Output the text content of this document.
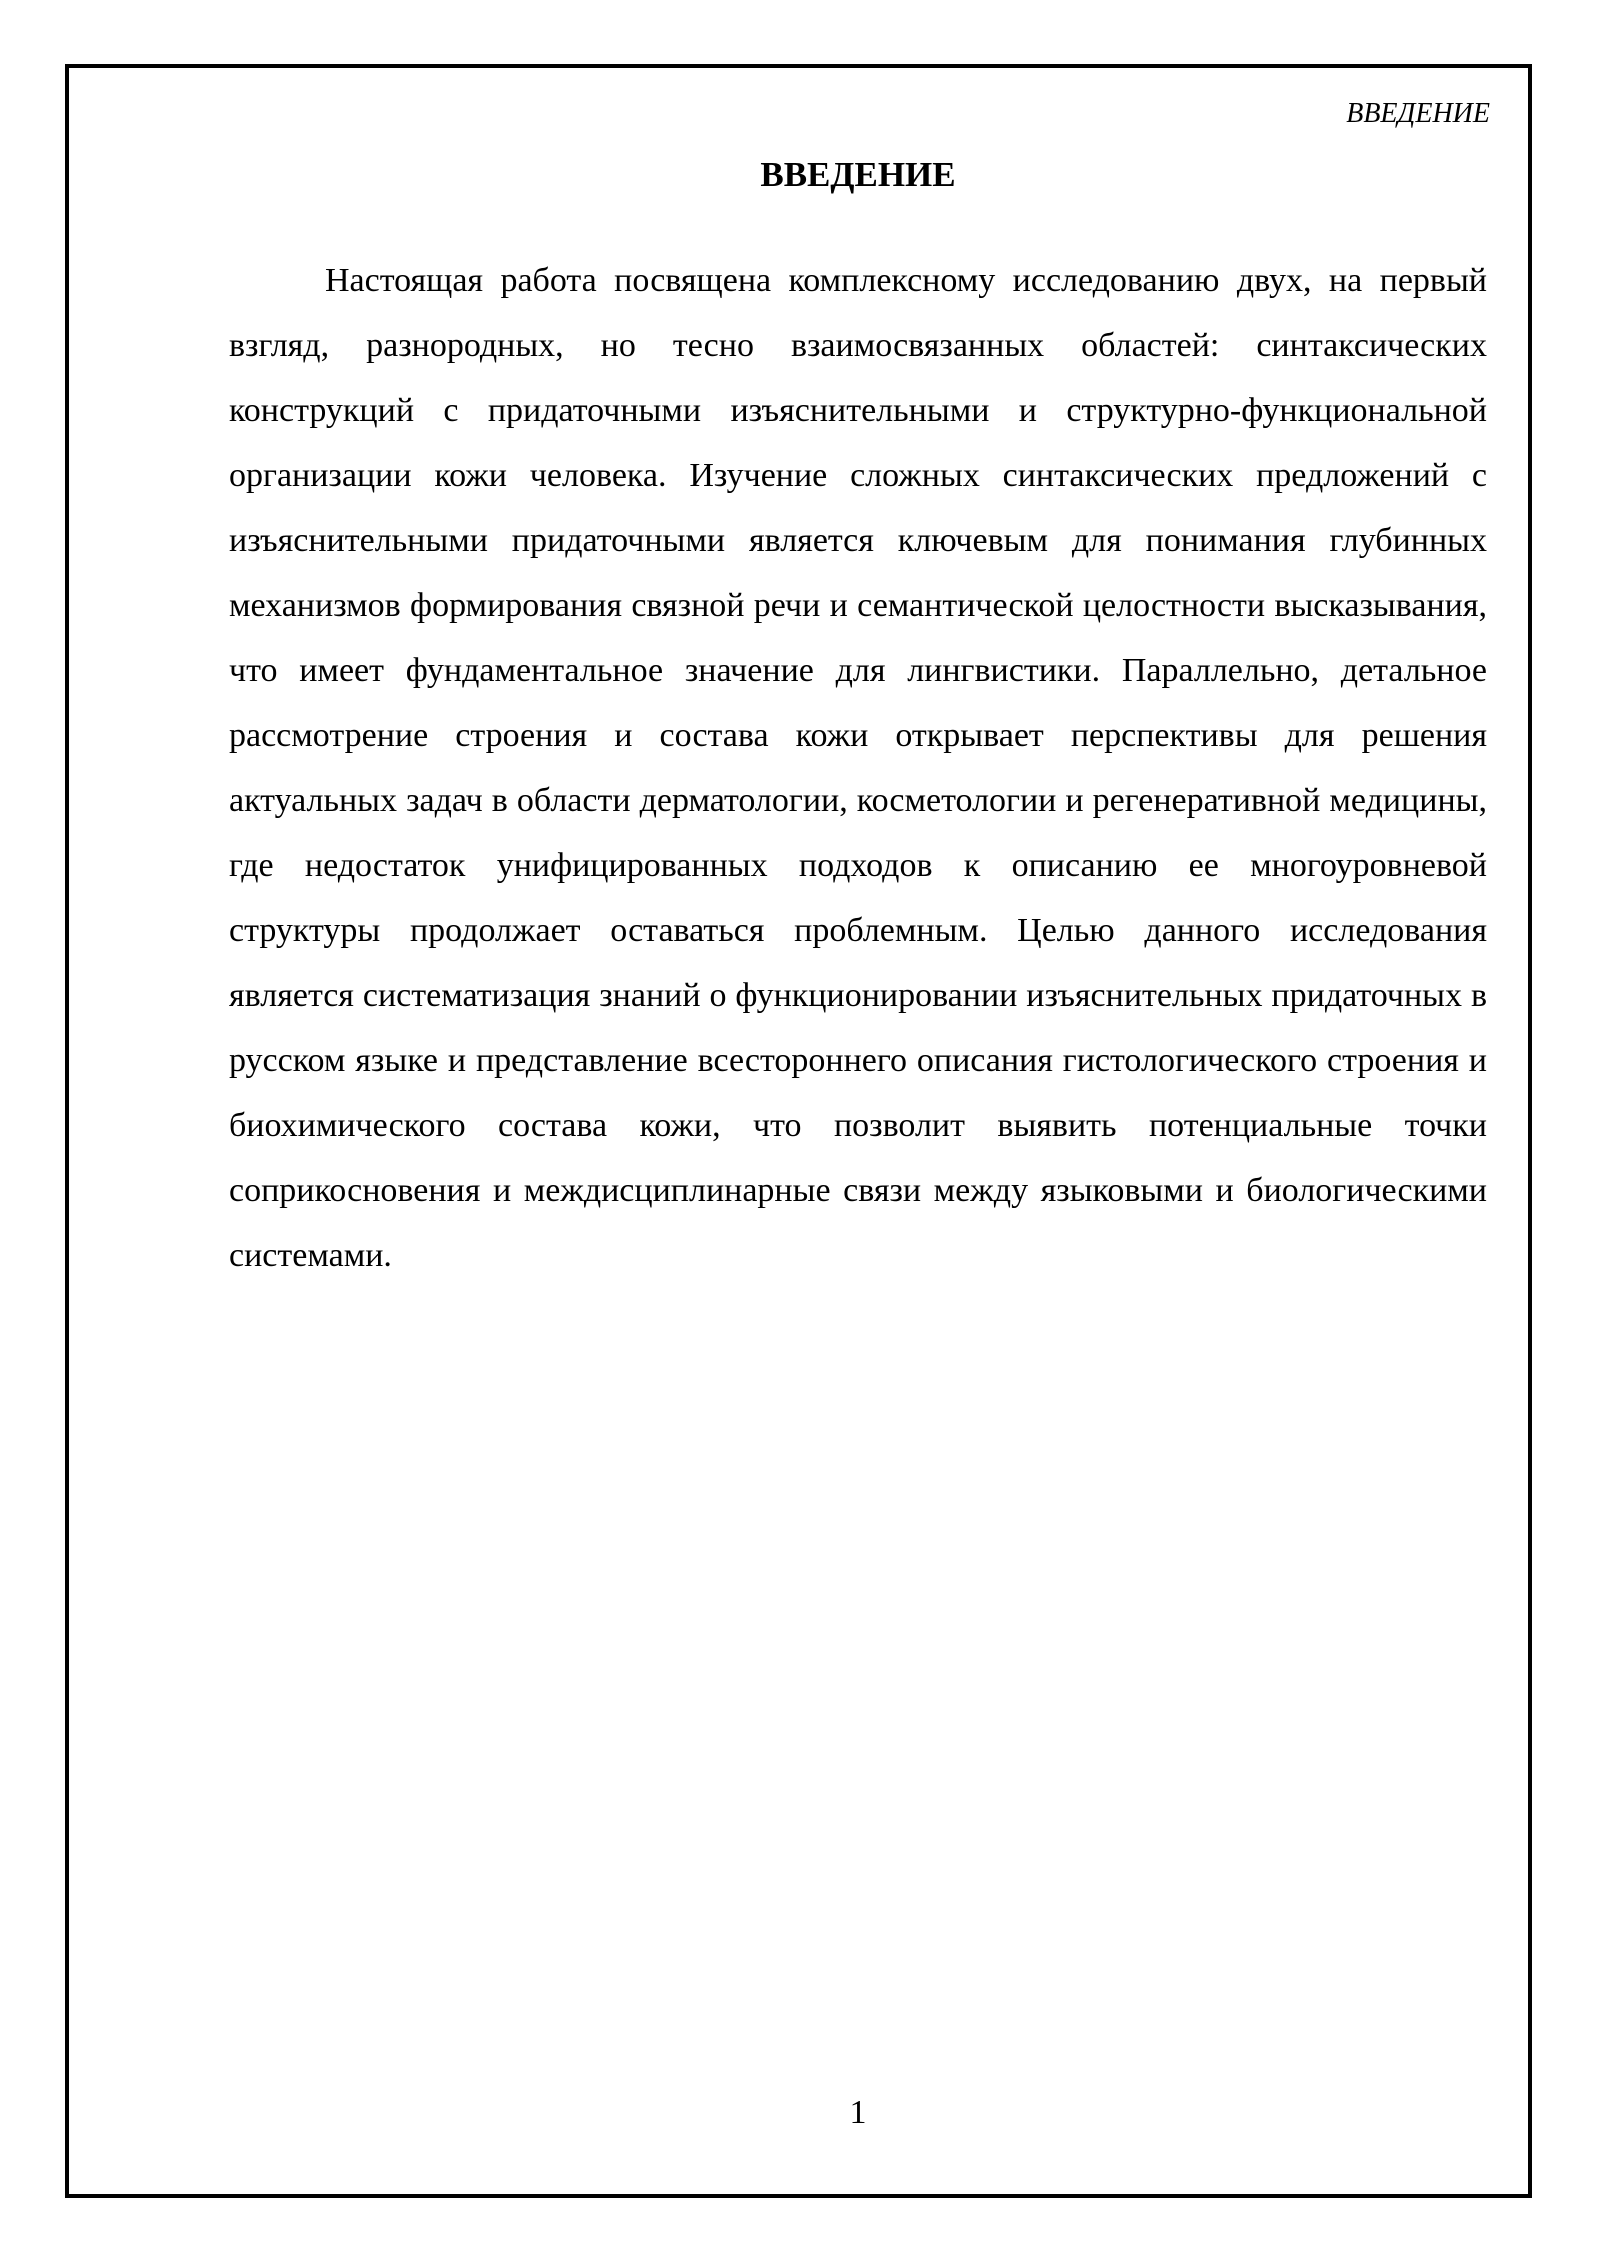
ВВЕДЕНИЕ
ВВЕДЕНИЕ

Настоящая работа посвящена комплексному исследованию двух, на первый взгляд, разнородных, но тесно взаимосвязанных областей: синтаксических конструкций с придаточными изъяснительными и структурно-функциональной организации кожи человека. Изучение сложных синтаксических предложений с изъяснительными придаточными является ключевым для понимания глубинных механизмов формирования связной речи и семантической целостности высказывания, что имеет фундаментальное значение для лингвистики. Параллельно, детальное рассмотрение строения и состава кожи открывает перспективы для решения актуальных задач в области дерматологии, косметологии и регенеративной медицины, где недостаток унифицированных подходов к описанию ее многоуровневой структуры продолжает оставаться проблемным. Целью данного исследования является систематизация знаний о функционировании изъяснительных придаточных в русском языке и представление всестороннего описания гистологического строения и биохимического состава кожи, что позволит выявить потенциальные точки соприкосновения и междисциплинарные связи между языковыми и биологическими системами.

1
